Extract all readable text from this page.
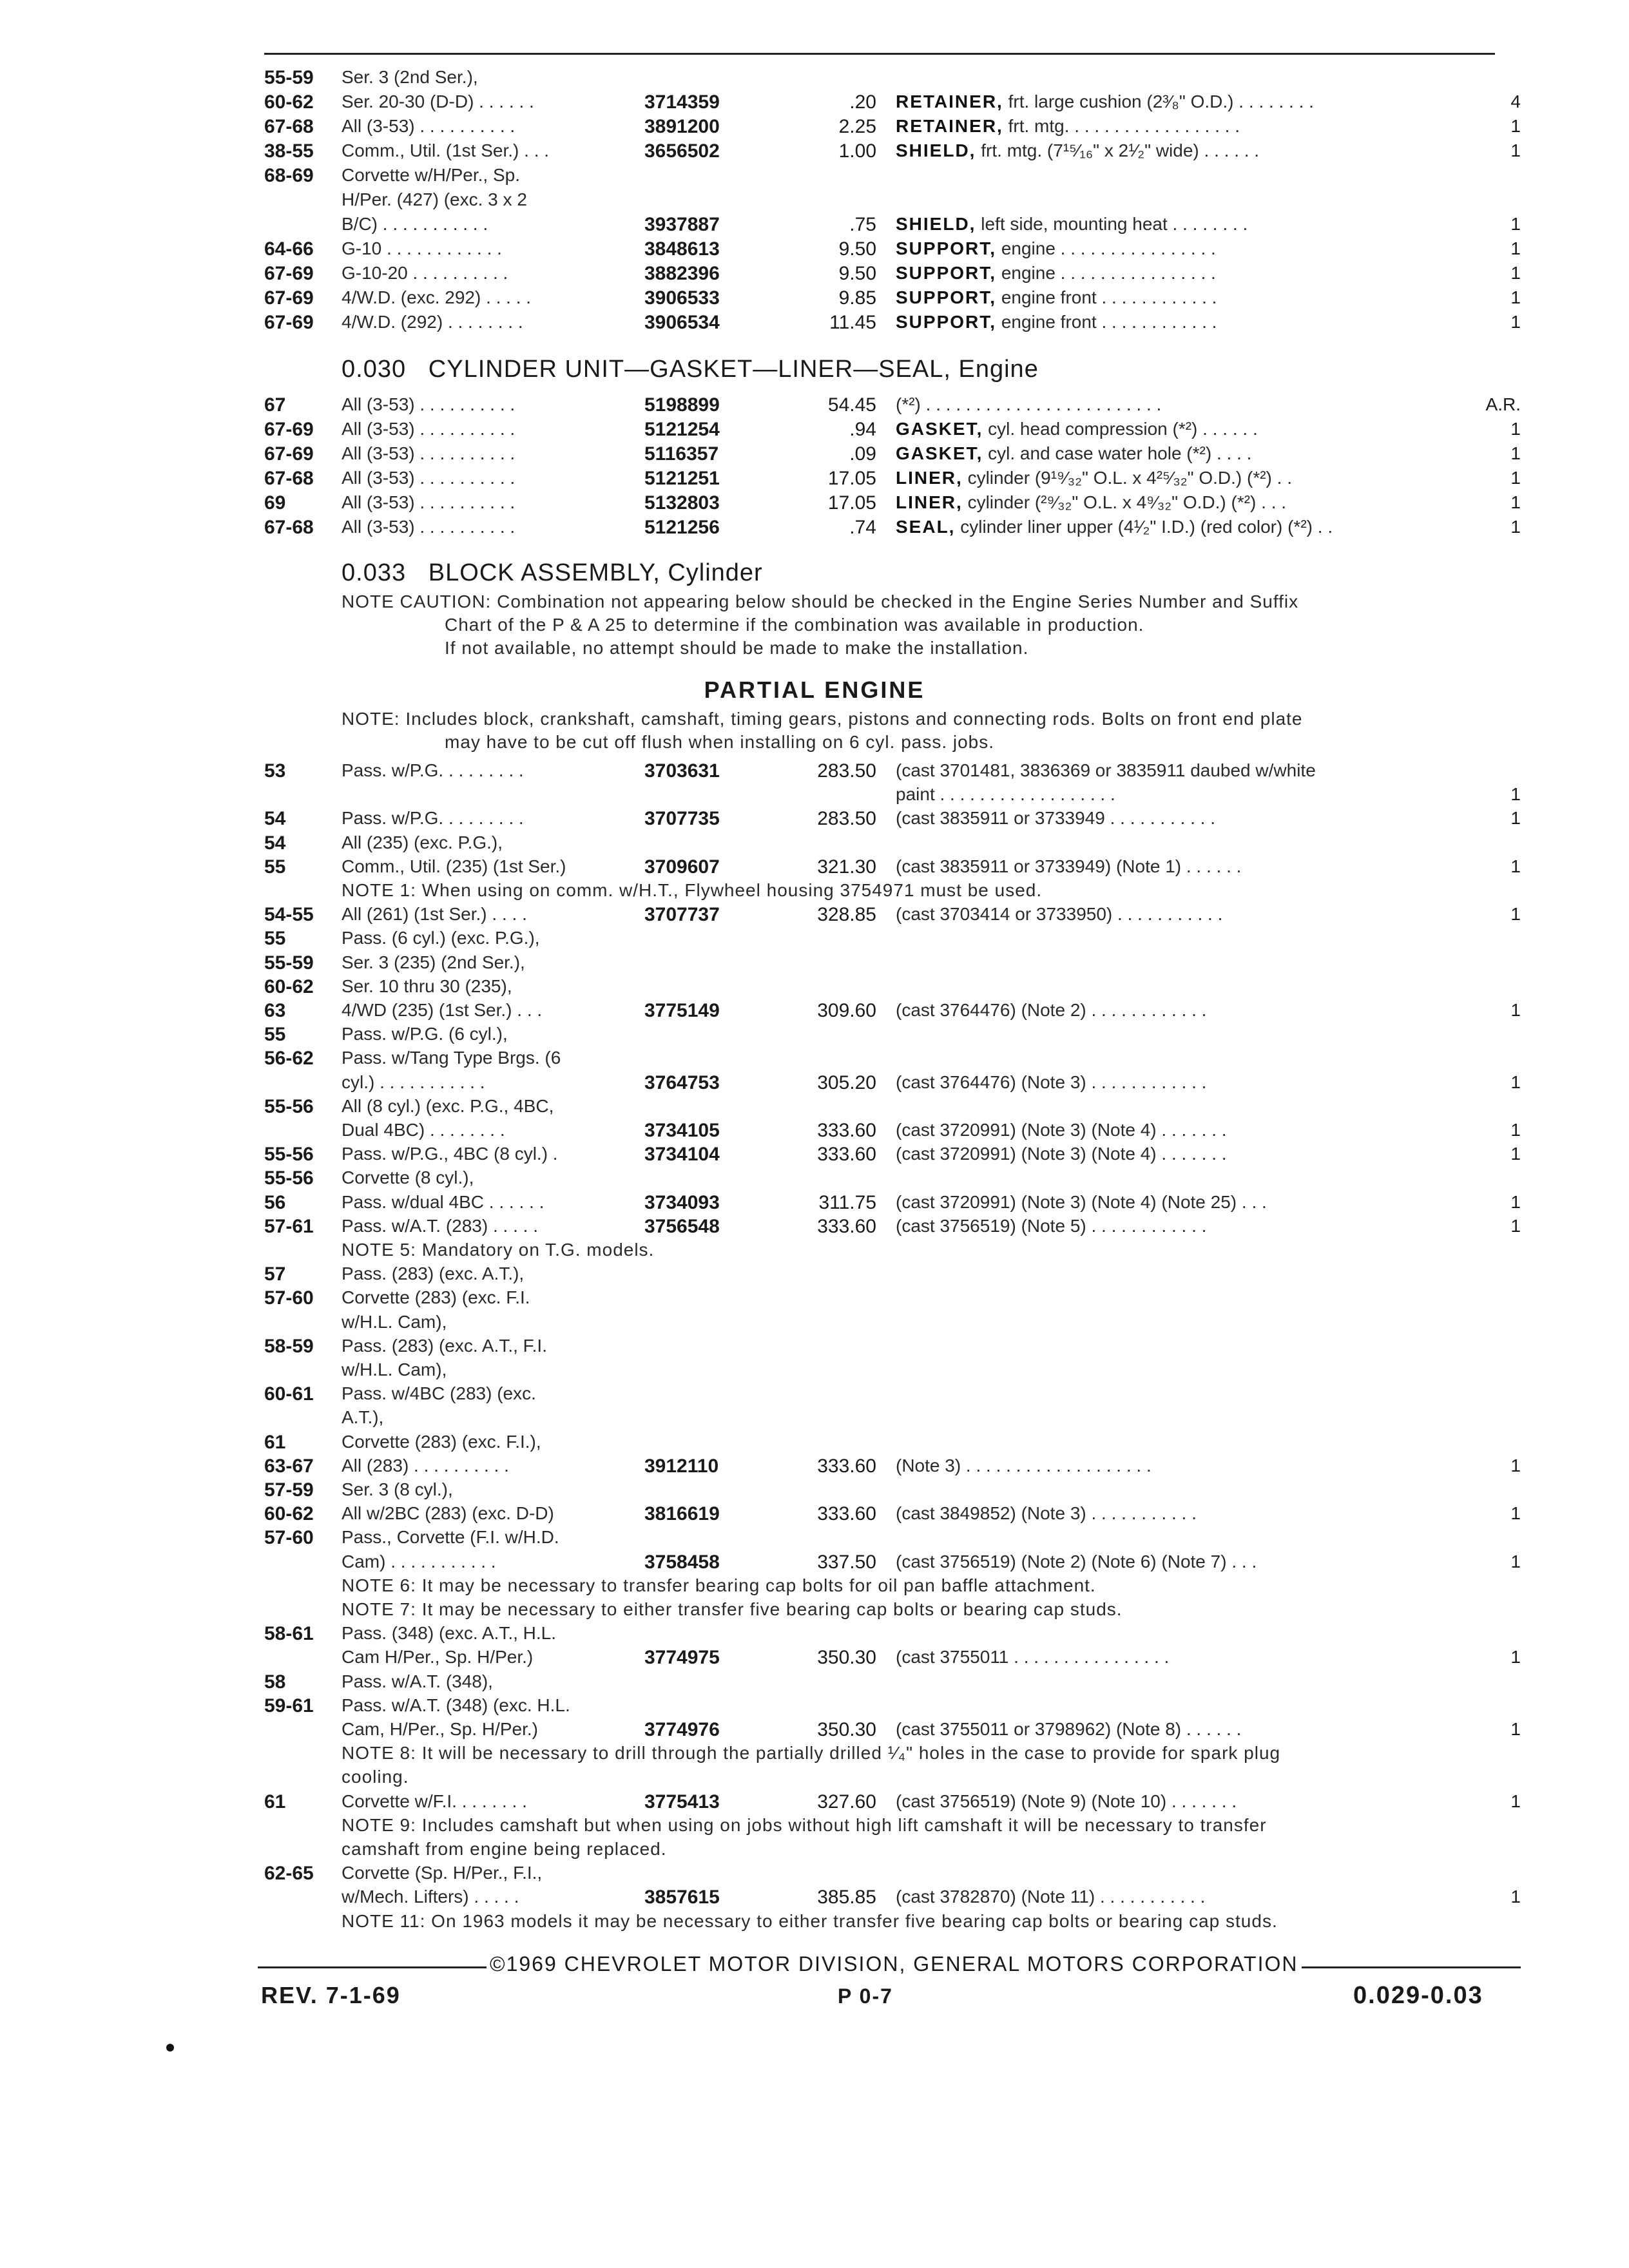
55-59 Ser. 3 (2nd Ser.),
60-62 Ser. 20-30 (D-D) . . . . . .	3714359	.20 RETAINER, frt. large cushion (2³⁄₈" O.D.) . . . . . . . .	4
67-68 All (3-53) . . . . . . . . . .	3891200	2.25 RETAINER, frt. mtg. . . . . . . . . . . . . . . . . .	1
38-55 Comm., Util. (1st Ser.) . . .	3656502	1.00 SHIELD, frt. mtg. (7¹⁵⁄₁₆" x 2¹⁄₂" wide) . . . . . .	1
68-69 Corvette w/H/Per., Sp.
H/Per. (427) (exc. 3 x 2
B/C) . . . . . . . . . . .	3937887	.75 SHIELD, left side, mounting heat . . . . . . . .	1
64-66 G-10 . . . . . . . . . . . .	3848613	9.50 SUPPORT, engine . . . . . . . . . . . . . . . .	1
67-69 G-10-20 . . . . . . . . . .	3882396	9.50 SUPPORT, engine . . . . . . . . . . . . . . . .	1
67-69 4/W.D. (exc. 292) . . . . .	3906533	9.85 SUPPORT, engine front . . . . . . . . . . . .	1
67-69 4/W.D. (292) . . . . . . . .	3906534	11.45 SUPPORT, engine front . . . . . . . . . . . .	1
0.030 CYLINDER UNIT—GASKET—LINER—SEAL, Engine
67	All (3-53) . . . . . . . . . .	5198899	54.45 (*²) . . . . . . . . . . . . . . . . . . . . . . . .	A.R.
67-69 All (3-53) . . . . . . . . . .	5121254	.94 GASKET, cyl. head compression (*²) . . . . . .	1
67-69 All (3-53) . . . . . . . . . .	5116357	.09 GASKET, cyl. and case water hole (*²) . . . .	1
67-68 All (3-53) . . . . . . . . . .	5121251	17.05 LINER, cylinder (9¹⁹⁄₃₂" O.L. x 4²⁵⁄₃₂" O.D.) (*²) . .	1
69	All (3-53) . . . . . . . . . .	5132803	17.05 LINER, cylinder (²⁹⁄₃₂" O.L. x 4⁹⁄₃₂" O.D.) (*²) . . .	1
67-68 All (3-53) . . . . . . . . . .	5121256	.74 SEAL, cylinder liner upper (4¹⁄₂" I.D.) (red color) (*²) . .	1
0.033 BLOCK ASSEMBLY, Cylinder
NOTE CAUTION: Combination not appearing below should be checked in the Engine Series Number and Suffix
Chart of the P & A 25 to determine if the combination was available in production.
If not available, no attempt should be made to make the installation.
PARTIAL ENGINE
NOTE: Includes block, crankshaft, camshaft, timing gears, pistons and connecting rods. Bolts on front end plate
may have to be cut off flush when installing on 6 cyl. pass. jobs.
53	Pass. w/P.G. . . . . . . . .	3703631	283.50 (cast 3701481, 3836369 or 3835911 daubed w/white
paint . . . . . . . . . . . . . . . . . .	1
54	Pass. w/P.G. . . . . . . . .	3707735	283.50 (cast 3835911 or 3733949 . . . . . . . . . . .	1
54	All (235) (exc. P.G.),
55	Comm., Util. (235) (1st Ser.)	3709607	321.30 (cast 3835911 or 3733949) (Note 1) . . . . . .	1
NOTE 1: When using on comm. w/H.T., Flywheel housing 3754971 must be used.
54-55 All (261) (1st Ser.) . . . .	3707737	328.85 (cast 3703414 or 3733950) . . . . . . . . . . .	1
55	Pass. (6 cyl.) (exc. P.G.),
55-59 Ser. 3 (235) (2nd Ser.),
60-62 Ser. 10 thru 30 (235),
63	4/WD (235) (1st Ser.) . . .	3775149	309.60 (cast 3764476) (Note 2) . . . . . . . . . . . .	1
55	Pass. w/P.G. (6 cyl.),
56-62 Pass. w/Tang Type Brgs. (6
cyl.) . . . . . . . . . . .	3764753	305.20 (cast 3764476) (Note 3) . . . . . . . . . . . .	1
55-56 All (8 cyl.) (exc. P.G., 4BC,
Dual 4BC) . . . . . . . .	3734105	333.60 (cast 3720991) (Note 3) (Note 4) . . . . . . .	1
55-56 Pass. w/P.G., 4BC (8 cyl.) .	3734104	333.60 (cast 3720991) (Note 3) (Note 4) . . . . . . .	1
55-56 Corvette (8 cyl.),
56	Pass. w/dual 4BC . . . . . .	3734093	311.75 (cast 3720991) (Note 3) (Note 4) (Note 25) . . .	1
57-61 Pass. w/A.T. (283) . . . . .	3756548	333.60 (cast 3756519) (Note 5) . . . . . . . . . . . .	1
NOTE 5: Mandatory on T.G. models.
57	Pass. (283) (exc. A.T.),
57-60 Corvette (283) (exc. F.I.
w/H.L. Cam),
58-59 Pass. (283) (exc. A.T., F.I.
w/H.L. Cam),
60-61 Pass. w/4BC (283) (exc.
A.T.),
61	Corvette (283) (exc. F.I.),
63-67 All (283) . . . . . . . . . .	3912110	333.60 (Note 3) . . . . . . . . . . . . . . . . . . .	1
57-59 Ser. 3 (8 cyl.),
60-62 All w/2BC (283) (exc. D-D)	3816619	333.60 (cast 3849852) (Note 3) . . . . . . . . . . .	1
57-60 Pass., Corvette (F.I. w/H.D.
Cam) . . . . . . . . . . .	3758458	337.50 (cast 3756519) (Note 2) (Note 6) (Note 7) . . .	1
NOTE 6: It may be necessary to transfer bearing cap bolts for oil pan baffle attachment.
NOTE 7: It may be necessary to either transfer five bearing cap bolts or bearing cap studs.
58-61 Pass. (348) (exc. A.T., H.L.
Cam H/Per., Sp. H/Per.)	3774975	350.30 (cast 3755011 . . . . . . . . . . . . . . . .	1
58	Pass. w/A.T. (348),
59-61 Pass. w/A.T. (348) (exc. H.L.
Cam, H/Per., Sp. H/Per.)	3774976	350.30 (cast 3755011 or 3798962) (Note 8) . . . . . .	1
NOTE 8: It will be necessary to drill through the partially drilled ¹⁄₄" holes in the case to provide for spark plug
cooling.
61	Corvette w/F.I. . . . . . . .	3775413	327.60 (cast 3756519) (Note 9) (Note 10) . . . . . . .	1
NOTE 9: Includes camshaft but when using on jobs without high lift camshaft it will be necessary to transfer
camshaft from engine being replaced.
62-65 Corvette (Sp. H/Per., F.I.,
w/Mech. Lifters) . . . . .	3857615	385.85 (cast 3782870) (Note 11) . . . . . . . . . . .	1
NOTE 11: On 1963 models it may be necessary to either transfer five bearing cap bolts or bearing cap studs.
©1969 CHEVROLET MOTOR DIVISION, GENERAL MOTORS CORPORATION
REV. 7-1-69	P 0-7	0.029-0.03
